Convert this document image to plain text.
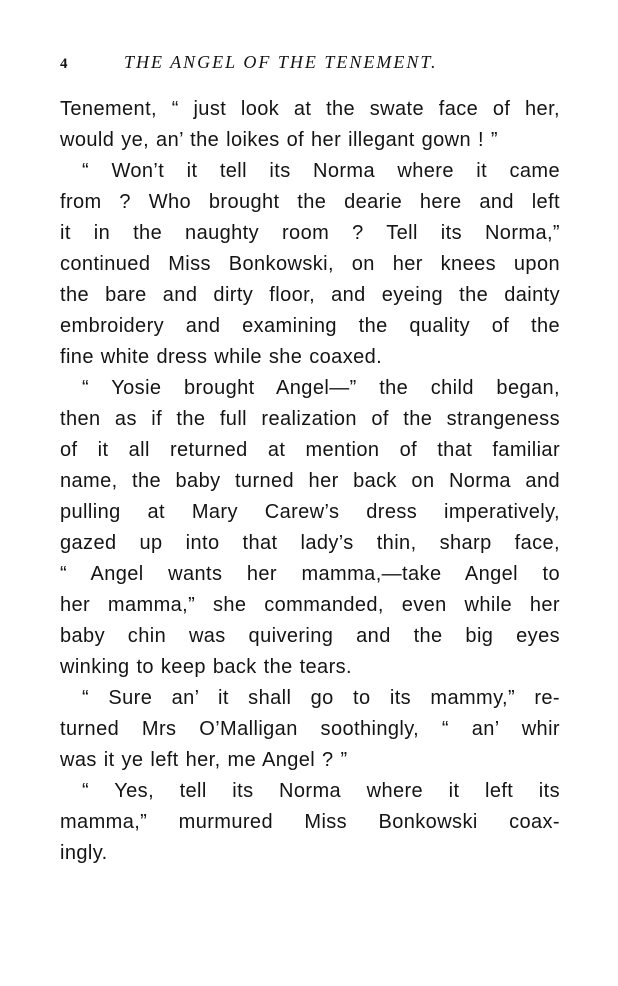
4	THE ANGEL OF THE TENEMENT.
Tenement, “ just look at the swate face of her,
would ye, an’ the loikes of her illegant gown ! ”
“ Won’t it tell its Norma where it came
from ? Who brought the dearie here and left
it in the naughty room ? Tell its Norma,”
continued Miss Bonkowski, on her knees upon
the bare and dirty floor, and eyeing the dainty
embroidery and examining the quality of the
fine white dress while she coaxed.
“ Yosie brought Angel—” the child began,
then as if the full realization of the strangeness
of it all returned at mention of that familiar
name, the baby turned her back on Norma and
pulling at Mary Carew’s dress imperatively,
gazed up into that lady’s thin, sharp face,
“ Angel wants her mamma,—take Angel to
her mamma,” she commanded, even while her
baby chin was quivering and the big eyes
winking to keep back the tears.
“ Sure an’ it shall go to its mammy,” re-
turned Mrs O’Malligan soothingly, “ an’ whir
was it ye left her, me Angel ? ”
“ Yes, tell its Norma where it left its
mamma,” murmured Miss Bonkowski coax-
ingly.
